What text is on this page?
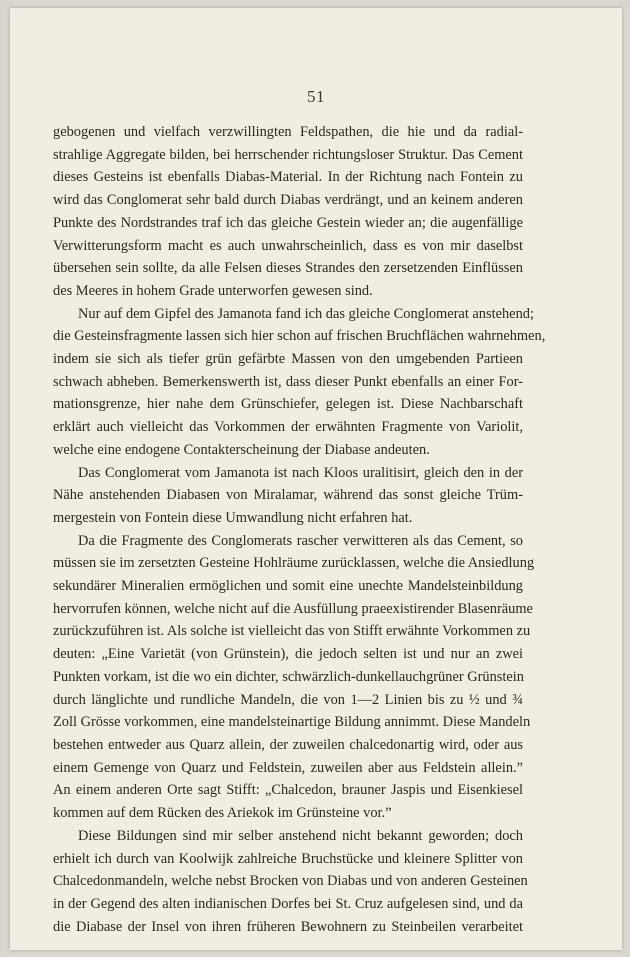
51
gebogenen und vielfach verzwillingten Feldspathen, die hie und da radial-
strahlige Aggregate bilden, bei herrschender richtungsloser Struktur. Das Cement
dieses Gesteins ist ebenfalls Diabas-Material. In der Richtung nach Fontein zu
wird das Conglomerat sehr bald durch Diabas verdrängt, und an keinem anderen
Punkte des Nordstrandes traf ich das gleiche Gestein wieder an; die augenfällige
Verwitterungsform macht es auch unwahrscheinlich, dass es von mir daselbst
übersehen sein sollte, da alle Felsen dieses Strandes den zersetzenden Einflüssen
des Meeres in hohem Grade unterworfen gewesen sind.
Nur auf dem Gipfel des Jamanota fand ich das gleiche Conglomerat anstehend;
die Gesteinsfragmente lassen sich hier schon auf frischen Bruchflächen wahrnehmen,
indem sie sich als tiefer grün gefärbte Massen von den umgebenden Partieen
schwach abheben. Bemerkenswerth ist, dass dieser Punkt ebenfalls an einer For-
mationsgrenze, hier nahe dem Grünschiefer, gelegen ist. Diese Nachbarschaft
erklärt auch vielleicht das Vorkommen der erwähnten Fragmente von Variolit,
welche eine endogene Contakterscheinung der Diabase andeuten.
Das Conglomerat vom Jamanota ist nach Kloos uralitisirt, gleich den in der
Nähe anstehenden Diabasen von Miralamar, während das sonst gleiche Trüm-
mergestein von Fontein diese Umwandlung nicht erfahren hat.
Da die Fragmente des Conglomerats rascher verwitteren als das Cement, so
müssen sie im zersetzten Gesteine Hohlräume zurücklassen, welche die Ansiedlung
sekundärer Mineralien ermöglichen und somit eine unechte Mandelsteinbildung
hervorrufen können, welche nicht auf die Ausfüllung praeexistirender Blasenräume
zurückzuführen ist. Als solche ist vielleicht das von Stifft erwähnte Vorkommen zu
deuten: „Eine Varietät (von Grünstein), die jedoch selten ist und nur an zwei
Punkten vorkam, ist die wo ein dichter, schwärzlich-dunkellauchgrüner Grünstein
durch länglichte und rundliche Mandeln, die von 1—2 Linien bis zu ½ und ¾
Zoll Grösse vorkommen, eine mandelsteinartige Bildung annimmt. Diese Mandeln
bestehen entweder aus Quarz allein, der zuweilen chalcedonartig wird, oder aus
einem Gemenge von Quarz und Feldstein, zuweilen aber aus Feldstein allein.”
An einem anderen Orte sagt Stifft: „Chalcedon, brauner Jaspis und Eisenkiesel
kommen auf dem Rücken des Ariekok im Grünsteine vor.”
Diese Bildungen sind mir selber anstehend nicht bekannt geworden; doch
erhielt ich durch van Koolwijk zahlreiche Bruchstücke und kleinere Splitter von
Chalcedonmandeln, welche nebst Brocken von Diabas und von anderen Gesteinen
in der Gegend des alten indianischen Dorfes bei St. Cruz aufgelesen sind, und da
die Diabase der Insel von ihren früheren Bewohnern zu Steinbeilen verarbeitet
